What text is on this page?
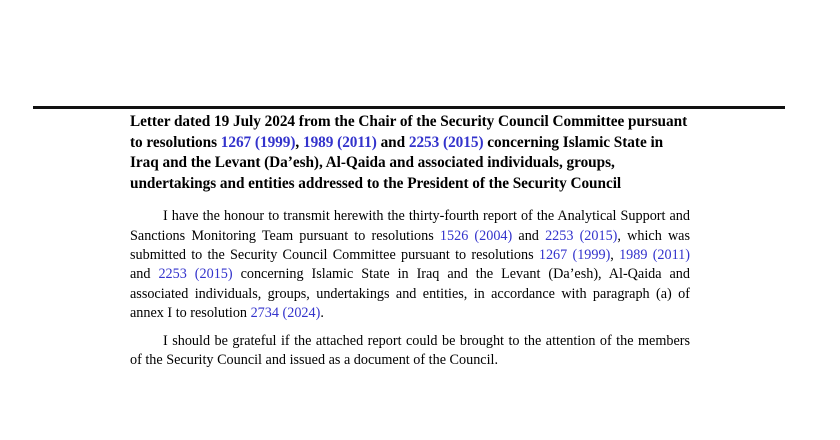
Letter dated 19 July 2024 from the Chair of the Security Council Committee pursuant to resolutions 1267 (1999), 1989 (2011) and 2253 (2015) concerning Islamic State in Iraq and the Levant (Da’esh), Al-Qaida and associated individuals, groups, undertakings and entities addressed to the President of the Security Council

I have the honour to transmit herewith the thirty-fourth report of the Analytical Support and Sanctions Monitoring Team pursuant to resolutions 1526 (2004) and 2253 (2015), which was submitted to the Security Council Committee pursuant to resolutions 1267 (1999), 1989 (2011) and 2253 (2015) concerning Islamic State in Iraq and the Levant (Da’esh), Al-Qaida and associated individuals, groups, undertakings and entities, in accordance with paragraph (a) of annex I to resolution 2734 (2024).

I should be grateful if the attached report could be brought to the attention of the members of the Security Council and issued as a document of the Council.
